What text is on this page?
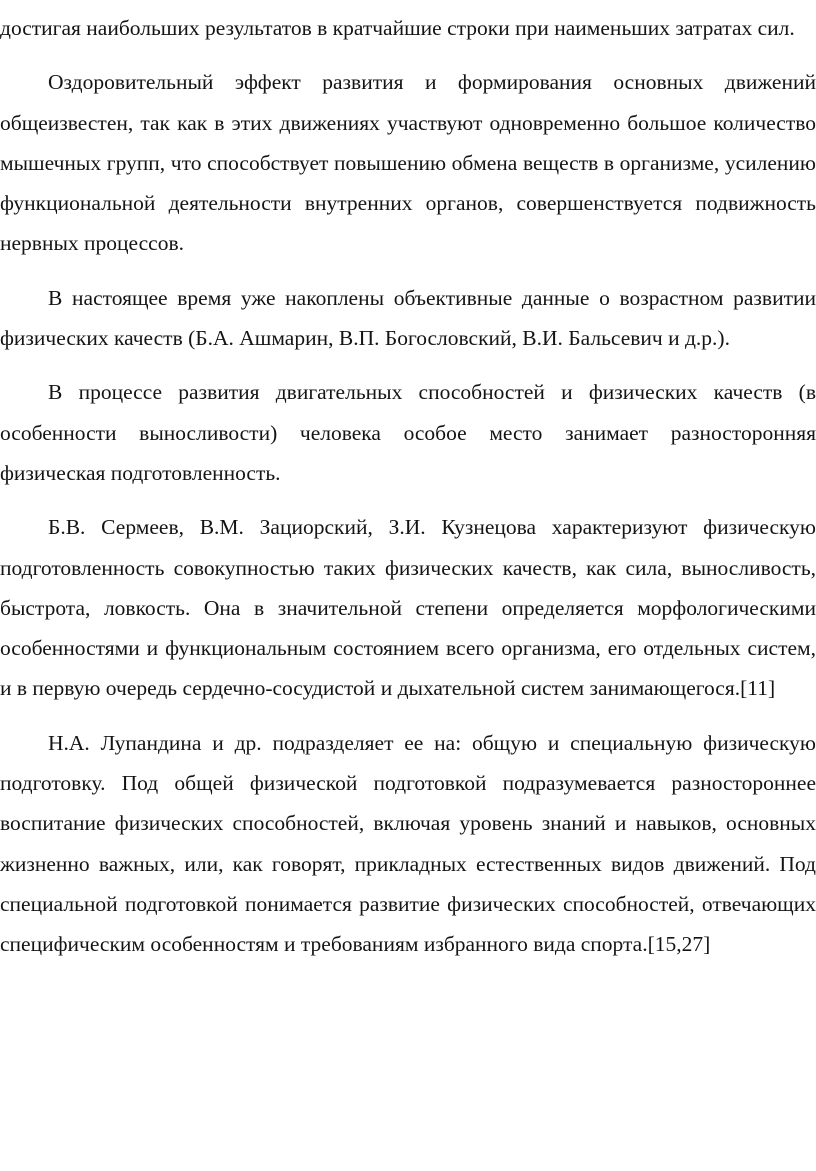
достигая наибольших результатов в кратчайшие строки при наименьших затратах сил.

Оздоровительный эффект развития и формирования основных движений общеизвестен, так как в этих движениях участвуют одновременно большое количество мышечных групп, что способствует повышению обмена веществ в организме, усилению функциональной деятельности внутренних органов, совершенствуется подвижность нервных процессов.

В настоящее время уже накоплены объективные данные о возрастном развитии физических качеств (Б.А. Ашмарин, В.П. Богословский, В.И. Бальсевич и д.р.).

В процессе развития двигательных способностей и физических качеств (в особенности выносливости) человека особое место занимает разносторонняя физическая подготовленность.

Б.В. Сермеев, В.М. Зациорский, З.И. Кузнецова характеризуют физическую подготовленность совокупностью таких физических качеств, как сила, выносливость, быстрота, ловкость. Она в значительной степени определяется морфологическими особенностями и функциональным состоянием всего организма, его отдельных систем, и в первую очередь сердечно-сосудистой и дыхательной систем занимающегося.[11]

Н.А. Лупандина и др. подразделяет ее на: общую и специальную физическую подготовку. Под общей физической подготовкой подразумевается разностороннее воспитание физических способностей, включая уровень знаний и навыков, основных жизненно важных, или, как говорят, прикладных естественных видов движений. Под специальной подготовкой понимается развитие физических способностей, отвечающих специфическим особенностям и требованиям избранного вида спорта.[15,27]
